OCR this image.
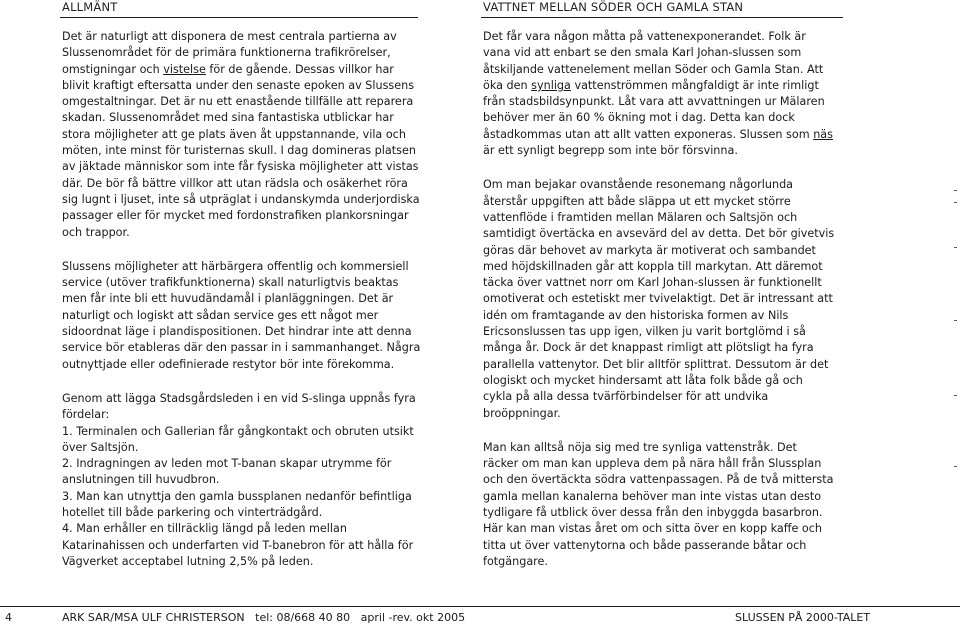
ALLMÄNT	VATTNET MELLAN SÖDER OCH GAMLA STAN

Det är naturligt att disponera de mest centrala partierna av Slussenområdet för de primära funktionerna trafikrörelser, omstigningar och vistelse för de gående. Dessas villkor har blivit kraftigt eftersatta under den senaste epoken av Slussens omgestaltningar. Det är nu ett enastående tillfälle att reparera skadan. Slussenområdet med sina fantastiska utblickar har stora möjligheter att ge plats även åt uppstannande, vila och möten, inte minst för turisternas skull. I dag domineras platsen av jäktade människor som inte får fysiska möjligheter att vistas där. De bör få bättre villkor att utan rädsla och osäkerhet röra sig lugnt i ljuset, inte så utpräglat i undanskymda underjordiska passager eller för mycket med fordonstrafiken plankorsningar och trappor.

Slussens möjligheter att härbärgera offentlig och kommersiell service (utöver trafikfunktionerna) skall naturligtvis beaktas men får inte bli ett huvudändamål i planläggningen. Det är naturligt och logiskt att sådan service ges ett något mer sidoordnat läge i plandispositionen. Det hindrar inte att denna service bör etableras där den passar in i sammanhanget. Några outnyttjade eller odefinierade restytor bör inte förekomma.

Genom att lägga Stadsgårdsleden i en vid S-slinga uppnås fyra fördelar:

1. Terminalen och Gallerian får gångkontakt och obruten utsikt över Saltsjön.

2. Indragningen av leden mot T-banan skapar utrymme för anslutningen till huvudbron.

3. Man kan utnyttja den gamla bussplanen nedanför befintliga hotellet till både parkering och vinterträdgård.

4. Man erhåller en tillräcklig längd på leden mellan Katarinahissen och underfarten vid T-banebron för att hålla för Vägverket acceptabel lutning 2,5% på leden.

Det får vara någon måtta på vattenexponerandet. Folk är vana vid att enbart se den smala Karl Johan-slussen som åtskiljande vattenelement mellan Söder och Gamla Stan. Att öka den synliga vattenströmmen mångfaldigt är inte rimligt från stadsbildsynpunkt. Låt vara att avvattningen ur Mälaren behöver mer än 60 % ökning mot i dag. Detta kan dock åstadkommas utan att allt vatten exponeras. Slussen som näs är ett synligt begrepp som inte bör försvinna.

Om man bejakar ovanstående resonemang någorlunda återstår uppgiften att både släppa ut ett mycket större vattenflöde i framtiden mellan Mälaren och Saltsjön och samtidigt övertäcka en avsevärd del av detta. Det bör givetvis göras där behovet av markyta är motiverat och sambandet med höjdskillnaden går att koppla till markytan. Att däremot täcka över vattnet norr om Karl Johan-slussen är funktionellt omotiverat och estetiskt mer tvivelaktigt. Det är intressant att idén om framtagande av den historiska formen av Nils Ericsonslussen tas upp igen, vilken ju varit bortglömd i så många år. Dock är det knappast rimligt att plötsligt ha fyra parallella vattenytor. Det blir alltför splittrat. Dessutom är det ologiskt och mycket hindersamt att låta folk både gå och cykla på alla dessa tvärförbindelser för att undvika broöppningar.

Man kan alltså nöja sig med tre synliga vattenstråk. Det räcker om man kan uppleva dem på nära håll från Slussplan och den övertäckta södra vattenpassagen. På de två mittersta gamla mellan kanalerna behöver man inte vistas utan desto tydligare få utblick över dessa från den inbyggda basarbron. Här kan man vistas året om och sitta över en kopp kaffe och titta ut över vattenytorna och både passerande båtar och fotgängare.

4	ARK SAR/MSA ULF CHRISTERSON   tel: 08/668 40 80   april -rev. okt 2005	SLUSSEN PÅ 2000-TALET
